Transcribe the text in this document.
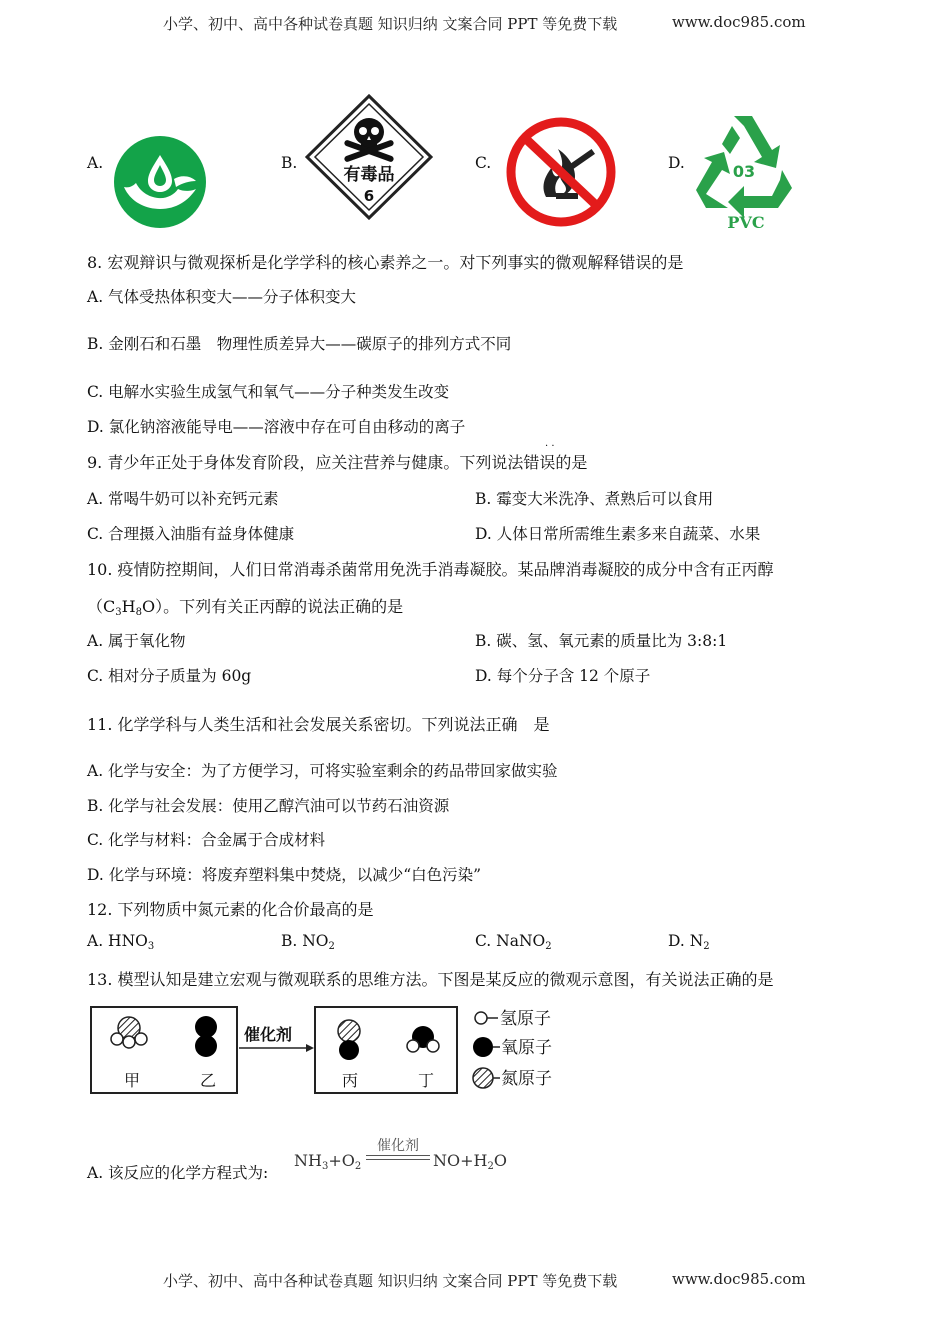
小学、初中、高中各种试卷真题 知识归纳 文案合同 PPT 等免费下载	www.doc985.com
A.	B.
有毒品
6
C.	D.	03
PVC
8. 宏观辩识与微观探析是化学学科的核心素养之一。对下列事实的微观解释错误的是
A. 气体受热体积变大——分子体积变大
B. 金刚石和石墨　物理性质差异大——碳原子的排列方式不同
C. 电解水实验生成氢气和氧气——分子种类发生改变
D. 氯化钠溶液能导电——溶液中存在可自由移动的离子
9. 青少年正处于身体发育阶段，应关注营养与健康。下列说法错误的是
· ·
A. 常喝牛奶可以补充钙元素	B. 霉变大米洗净、煮熟后可以食用
C. 合理摄入油脂有益身体健康	D. 人体日常所需维生素多来自蔬菜、水果
10. 疫情防控期间，人们日常消毒杀菌常用免洗手消毒凝胶。某品牌消毒凝胶的成分中含有正丙醇
$(C_3H_8O)$。下列有关正丙醇的说法正确的是
A. 属于氧化物	B. 碳、氢、氧元素的质量比为 3:8:1
C. 相对分子质量为 60g	D. 每个分子含 12 个原子
11. 化学学科与人类生活和社会发展关系密切。下列说法正确　是
A. 化学与安全：为了方便学习，可将实验室剩余的药品带回家做实验
B. 化学与社会发展：使用乙醇汽油可以节药石油资源
C. 化学与材料：合金属于合成材料
D. 化学与环境：将废弃塑料集中焚烧，以减少“白色污染”
12. 下列物质中氮元素的化合价最高的是
A. $HNO_3$	B. $NO_2$	C. NaNO$_2$	D. $N_2$
13. 模型认知是建立宏观与微观联系的思维方法。下图是某反应的微观示意图，有关说法正确的是
甲	乙
催化剂
丙	丁
氢原子
氧原子
氮原子
A. 该反应的化学方程式为:
$NH_3+O_2$
催化剂
$NO+H_2O$
小学、初中、高中各种试卷真题 知识归纳 文案合同 PPT 等免费下载	www.doc985.com
